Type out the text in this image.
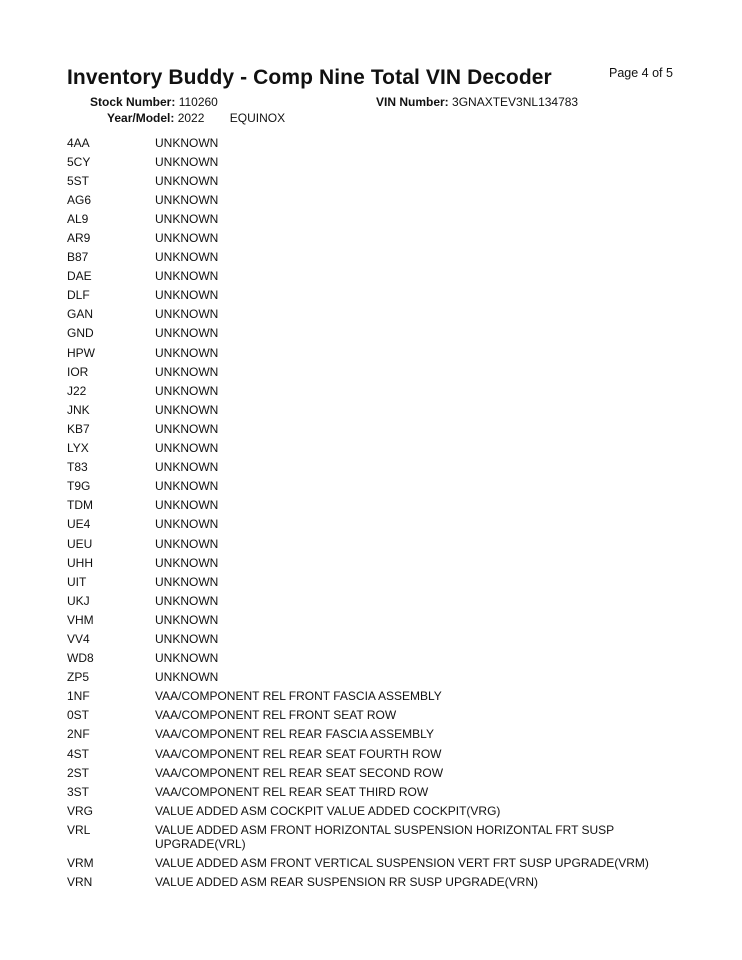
Inventory Buddy - Comp Nine Total VIN Decoder	Page 4 of 5
Stock Number: 110260	VIN Number: 3GNAXTEV3NL134783
Year/Model: 2022 EQUINOX
4AA	UNKNOWN
5CY	UNKNOWN
5ST	UNKNOWN
AG6	UNKNOWN
AL9	UNKNOWN
AR9	UNKNOWN
B87	UNKNOWN
DAE	UNKNOWN
DLF	UNKNOWN
GAN	UNKNOWN
GND	UNKNOWN
HPW	UNKNOWN
IOR	UNKNOWN
J22	UNKNOWN
JNK	UNKNOWN
KB7	UNKNOWN
LYX	UNKNOWN
T83	UNKNOWN
T9G	UNKNOWN
TDM	UNKNOWN
UE4	UNKNOWN
UEU	UNKNOWN
UHH	UNKNOWN
UIT	UNKNOWN
UKJ	UNKNOWN
VHM	UNKNOWN
VV4	UNKNOWN
WD8	UNKNOWN
ZP5	UNKNOWN
1NF	VAA/COMPONENT REL FRONT FASCIA ASSEMBLY
0ST	VAA/COMPONENT REL FRONT SEAT ROW
2NF	VAA/COMPONENT REL REAR FASCIA ASSEMBLY
4ST	VAA/COMPONENT REL REAR SEAT FOURTH ROW
2ST	VAA/COMPONENT REL REAR SEAT SECOND ROW
3ST	VAA/COMPONENT REL REAR SEAT THIRD ROW
VRG	VALUE ADDED ASM COCKPIT VALUE ADDED COCKPIT(VRG)
VRL	VALUE ADDED ASM FRONT HORIZONTAL SUSPENSION HORIZONTAL FRT SUSP UPGRADE(VRL)
VRM	VALUE ADDED ASM FRONT VERTICAL SUSPENSION VERT FRT SUSP UPGRADE(VRM)
VRN	VALUE ADDED ASM REAR SUSPENSION RR SUSP UPGRADE(VRN)
